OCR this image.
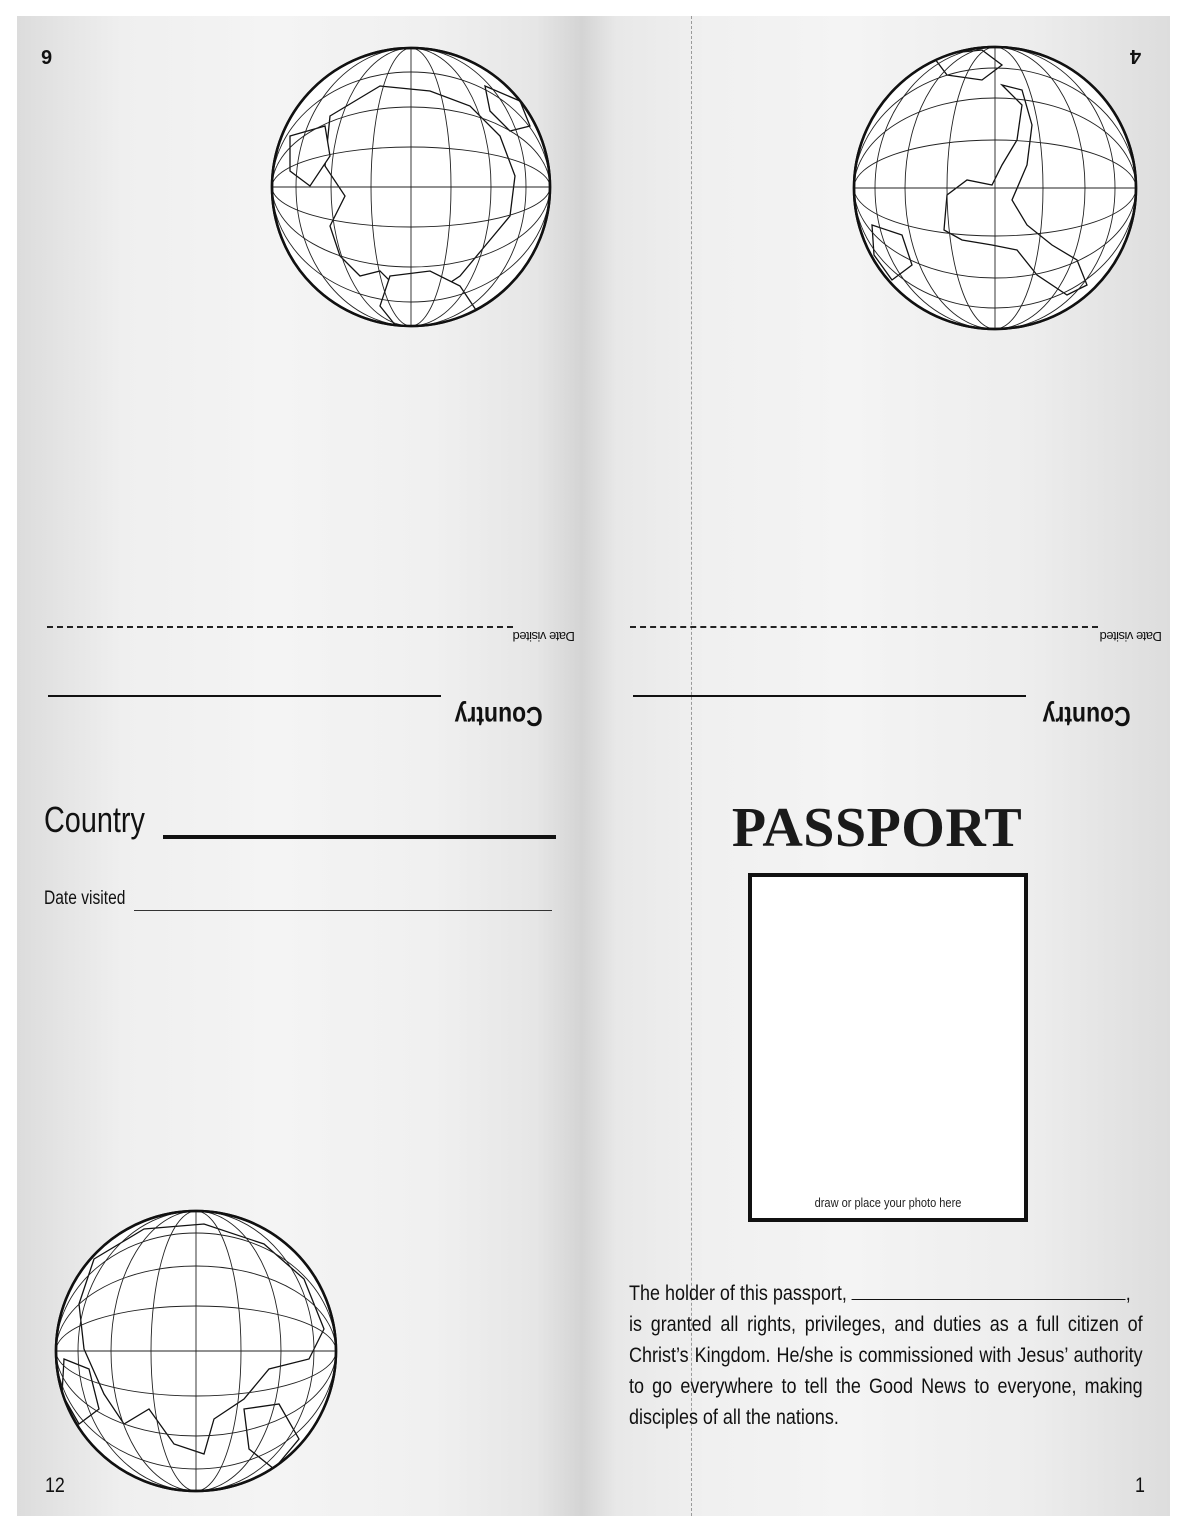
6
Date visited
Country
Country
Date visited
12
4
Date visited
Country
PASSPORT
draw or place your photo here
The holder of this passport,	,
is granted all rights, privileges, and duties as a full citizen of Christ’s Kingdom. He/she is commissioned with Jesus’ authority to go everywhere to tell the Good News to everyone, making disciples of all the nations.
1
